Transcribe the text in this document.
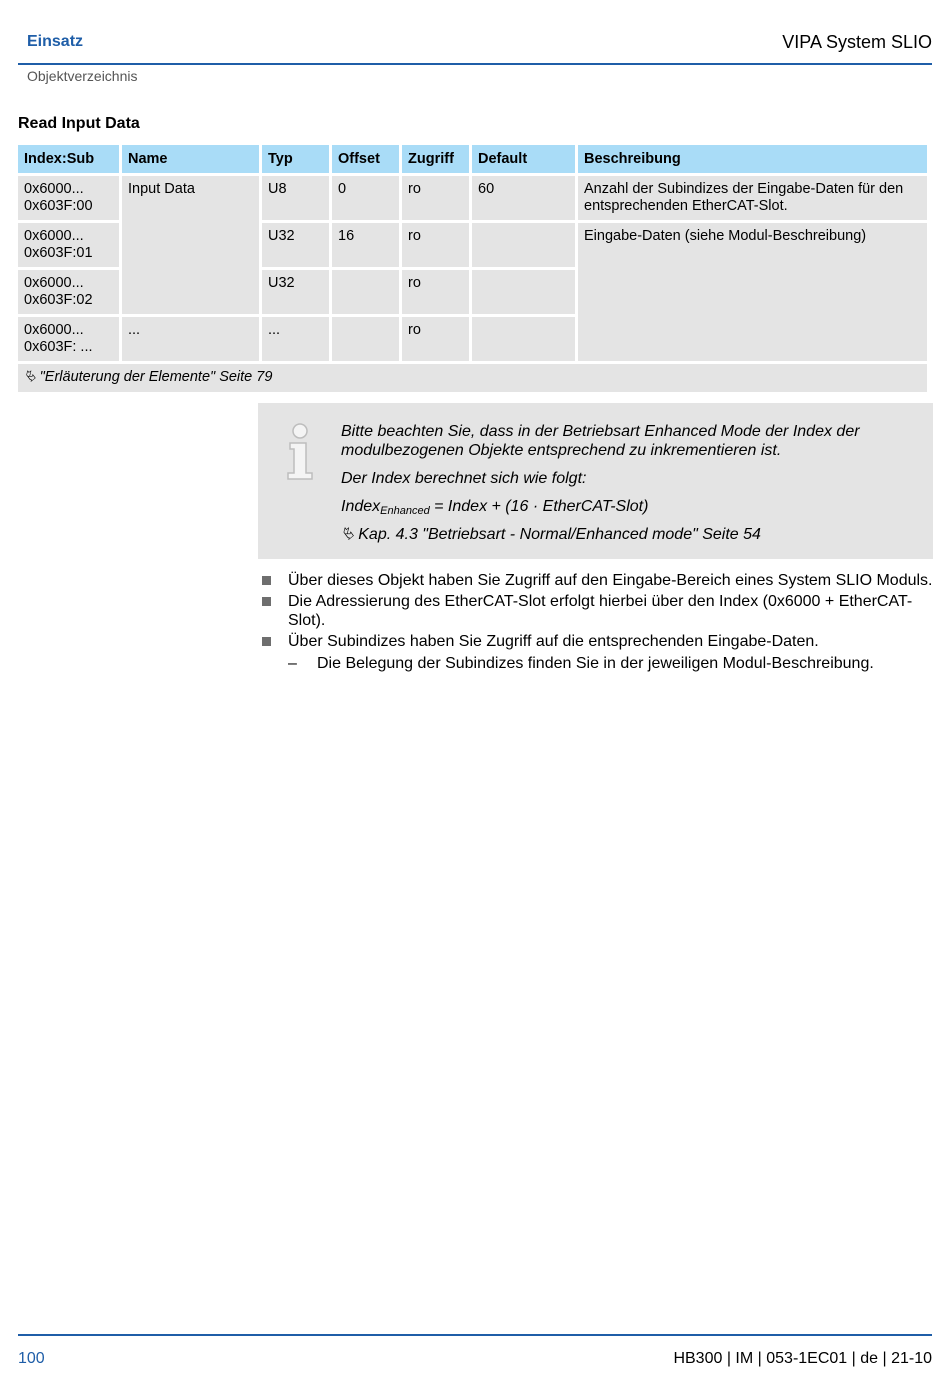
Einsatz	VIPA System SLIO
Objektverzeichnis
Read Input Data
Index:Sub	Name	Typ	Offset	Zugriff	Default	Beschreibung
0x6000... 0x603F:00	Input Data	U8	0	ro	60	Anzahl der Subindizes der Eingabe-Daten für den entsprechenden EtherCAT-Slot.
0x6000... 0x603F:01		U32	16	ro		Eingabe-Daten (siehe Modul-Beschreibung)
0x6000... 0x603F:02		U32		ro		
0x6000... 0x603F: ...	...	...		ro		
⮱ "Erläuterung der Elemente" Seite 79						

Bitte beachten Sie, dass in der Betriebsart Enhanced Mode der Index der modulbezogenen Objekte entsprechend zu inkrementieren ist.

Der Index berechnet sich wie folgt:

Index$_{Enhanced}$ = Index + (16 · EtherCAT-Slot)

⮱ Kap. 4.3 "Betriebsart - Normal/Enhanced mode" Seite 54

Über dieses Objekt haben Sie Zugriff auf den Eingabe-Bereich eines System SLIO Moduls.
Die Adressierung des EtherCAT-Slot erfolgt hierbei über den Index (0x6000 + EtherCAT-Slot).
Über Subindizes haben Sie Zugriff auf die entsprechenden Eingabe-Daten.
– Die Belegung der Subindizes finden Sie in der jeweiligen Modul-Beschreibung.
100	HB300 | IM | 053-1EC01 | de | 21-10
